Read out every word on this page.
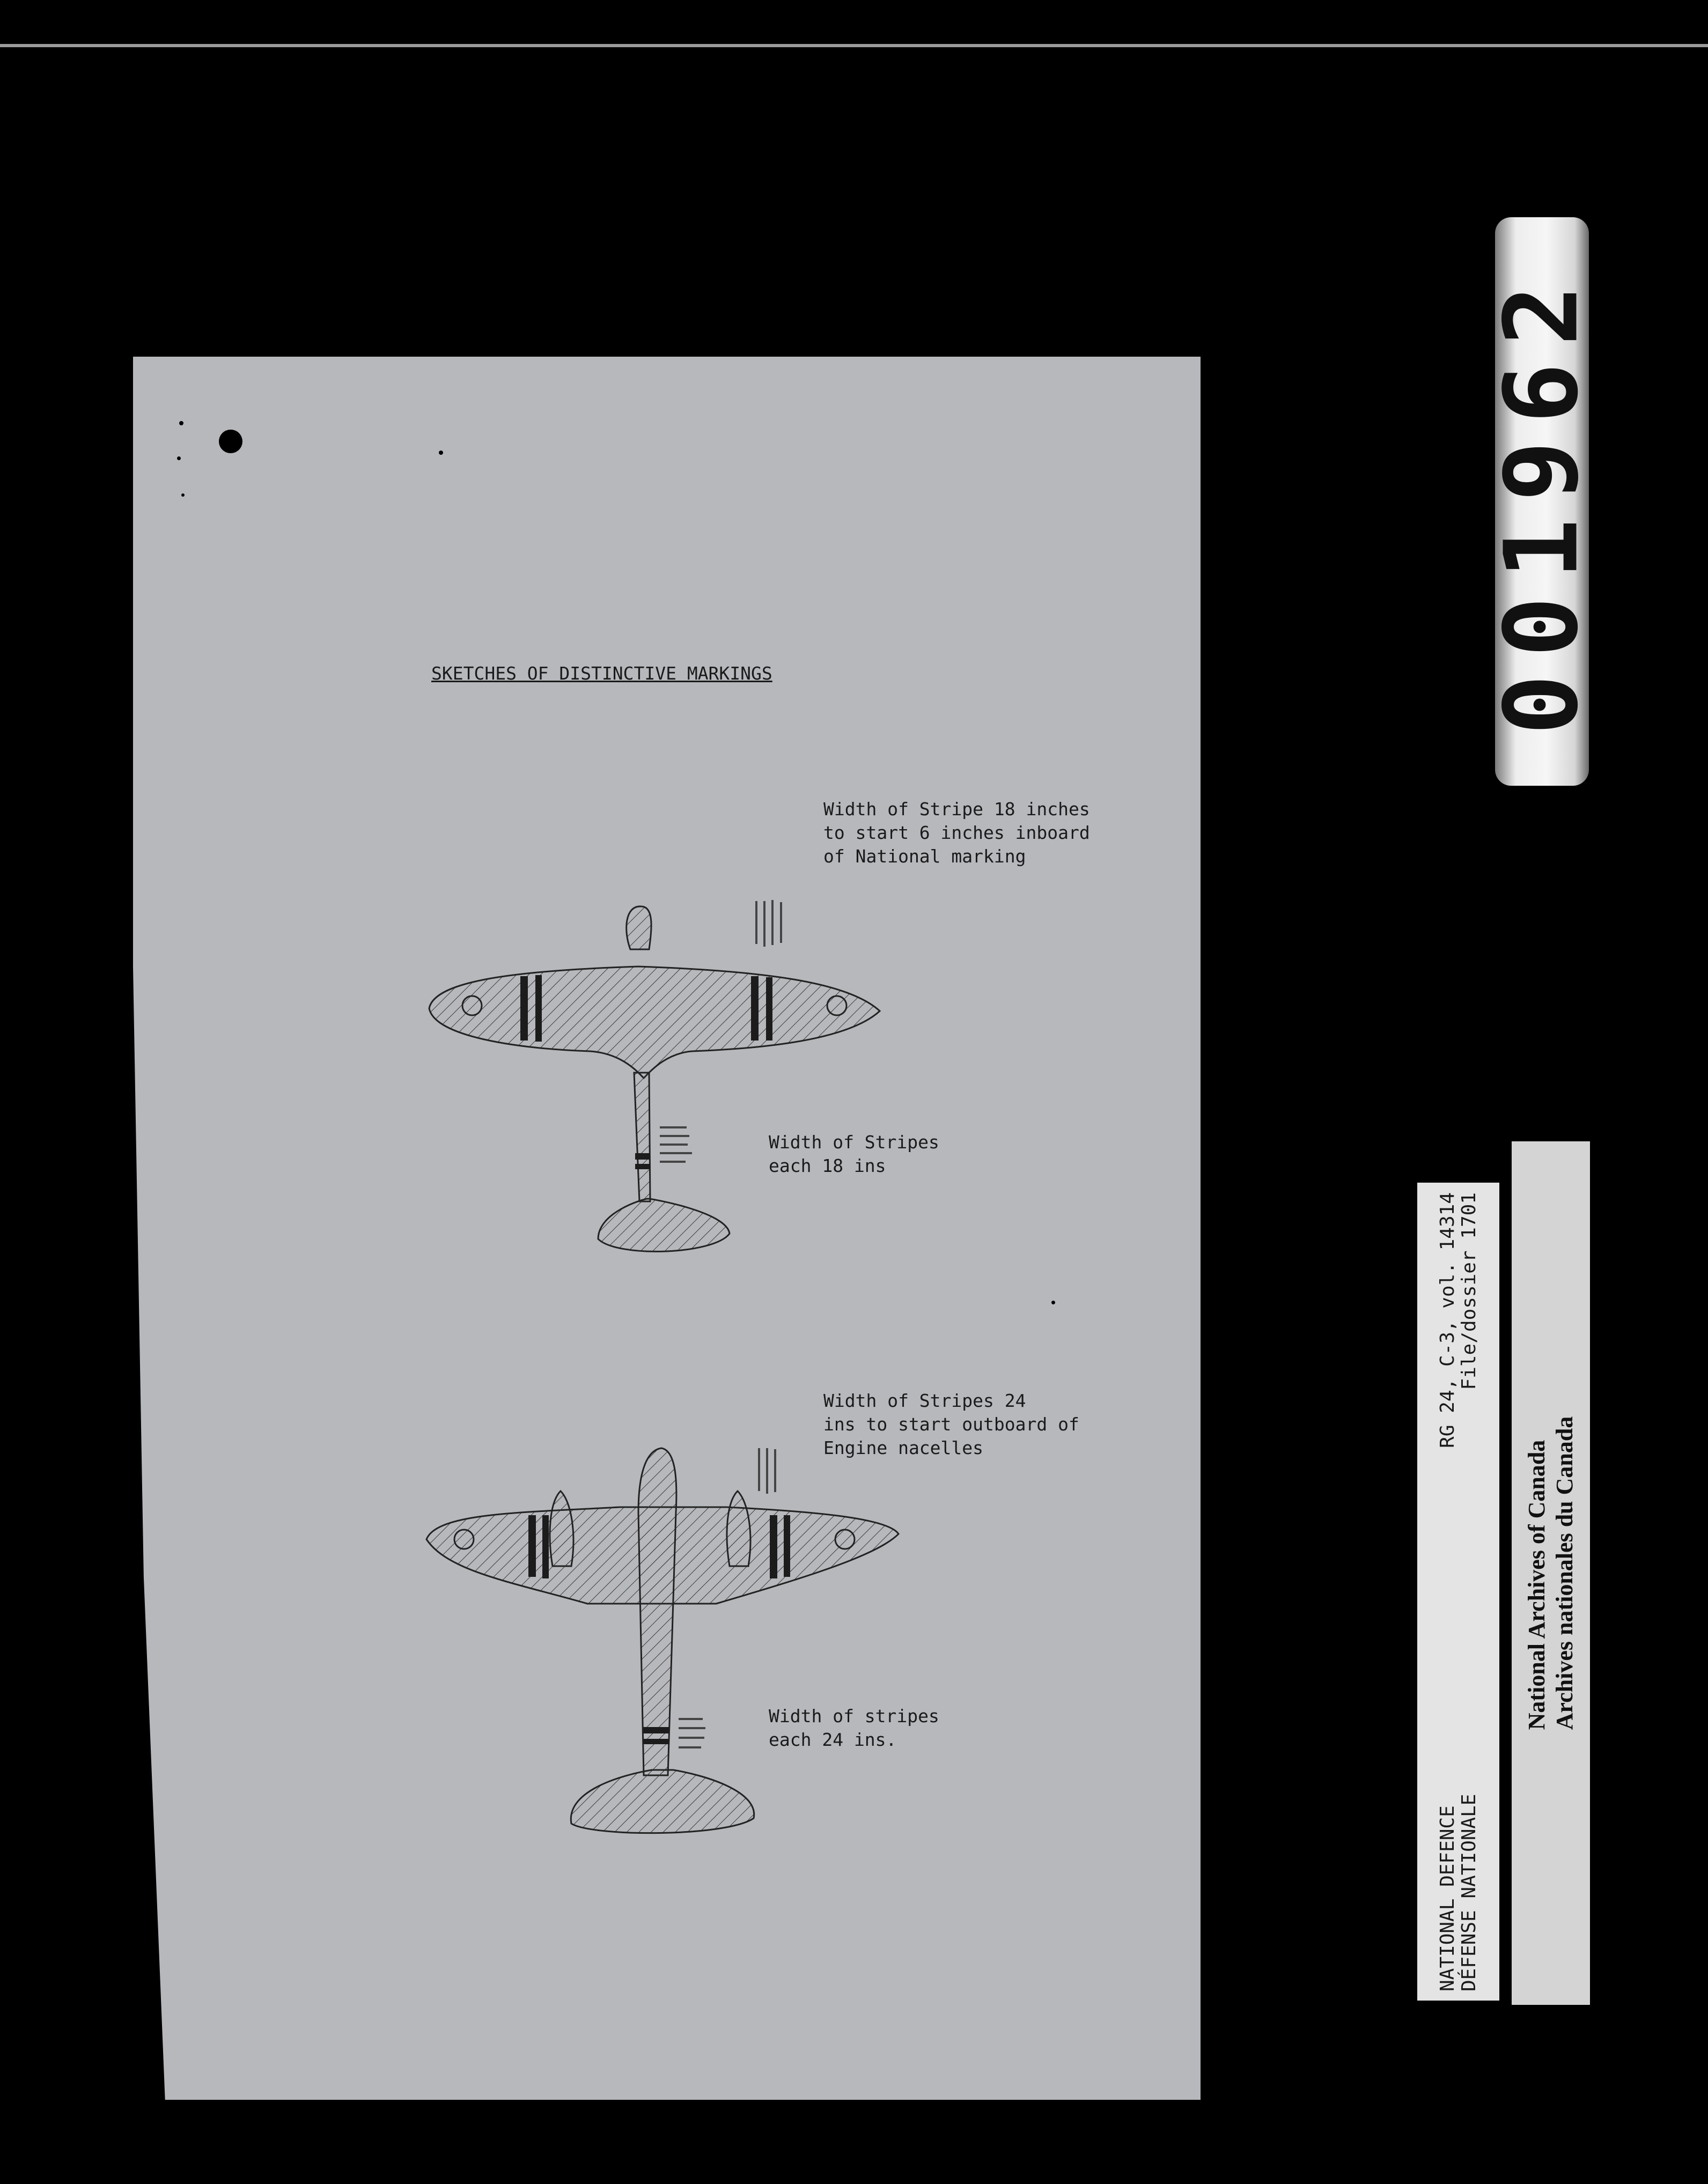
SKETCHES OF DISTINCTIVE MARKINGS
Width of Stripe 18 inches
to start 6 inches inboard
of National marking
Width of Stripes
each 18 ins
Width of Stripes 24
ins to start outboard of
Engine nacelles
Width of stripes
each 24 ins.
001962
RG 24, C-3, vol. 14314 File/dossier 1701
NATIONAL DEFENCE DÉFENSE NATIONALE
National Archives of Canada Archives nationales du Canada
